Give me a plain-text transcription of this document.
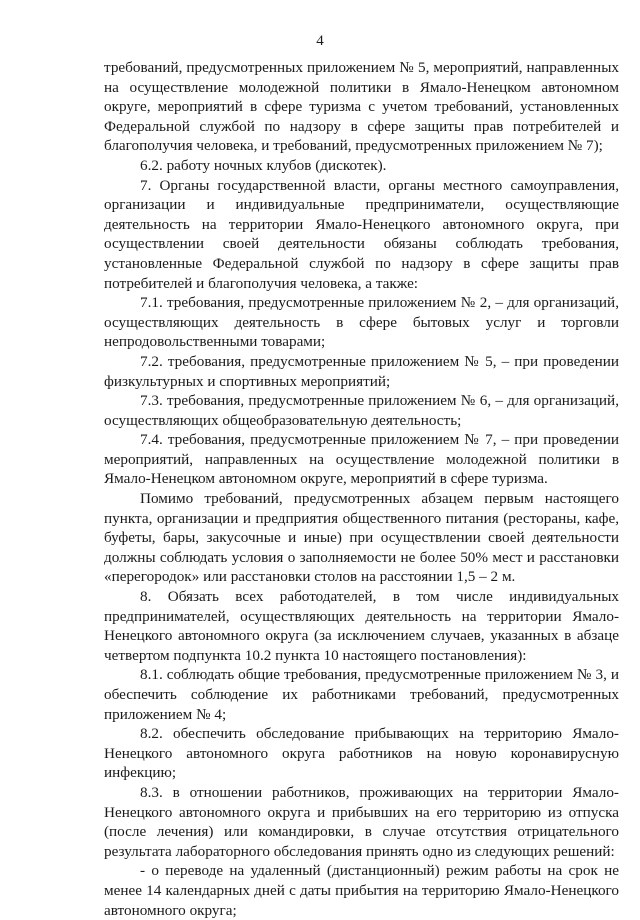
4

требований, предусмотренных приложением № 5, мероприятий, направленных на осуществление молодежной политики в Ямало-Ненецком автономном округе, мероприятий в сфере туризма с учетом требований, установленных Федеральной службой по надзору в сфере защиты прав потребителей и благополучия человека, и требований, предусмотренных приложением № 7);

6.2. работу ночных клубов (дискотек).

7. Органы государственной власти, органы местного самоуправления, организации и индивидуальные предприниматели, осуществляющие деятельность на территории Ямало-Ненецкого автономного округа, при осуществлении своей деятельности обязаны соблюдать требования, установленные Федеральной службой по надзору в сфере защиты прав потребителей и благополучия человека, а также:

7.1. требования, предусмотренные приложением № 2, – для организаций, осуществляющих деятельность в сфере бытовых услуг и торговли непродовольственными товарами;

7.2. требования, предусмотренные приложением № 5, – при проведении физкультурных и спортивных мероприятий;

7.3. требования, предусмотренные приложением № 6, – для организаций, осуществляющих общеобразовательную деятельность;

7.4. требования, предусмотренные приложением № 7, – при проведении мероприятий, направленных на осуществление молодежной политики в Ямало-Ненецком автономном округе, мероприятий в сфере туризма.

Помимо требований, предусмотренных абзацем первым настоящего пункта, организации и предприятия общественного питания (рестораны, кафе, буфеты, бары, закусочные и иные) при осуществлении своей деятельности должны соблюдать условия о заполняемости не более 50% мест и расстановки «перегородок» или расстановки столов на расстоянии 1,5 – 2 м.

8. Обязать всех работодателей, в том числе индивидуальных предпринимателей, осуществляющих деятельность на территории Ямало-Ненецкого автономного округа (за исключением случаев, указанных в абзаце четвертом подпункта 10.2 пункта 10 настоящего постановления):

8.1. соблюдать общие требования, предусмотренные приложением № 3, и обеспечить соблюдение их работниками требований, предусмотренных приложением № 4;

8.2. обеспечить обследование прибывающих на территорию Ямало-Ненецкого автономного округа работников на новую коронавирусную инфекцию;

8.3. в отношении работников, проживающих на территории Ямало-Ненецкого автономного округа и прибывших на его территорию из отпуска (после лечения) или командировки, в случае отсутствия отрицательного результата лабораторного обследования принять одно из следующих решений:

- о переводе на удаленный (дистанционный) режим работы на срок не менее 14 календарных дней с даты прибытия на территорию Ямало-Ненецкого автономного округа;
